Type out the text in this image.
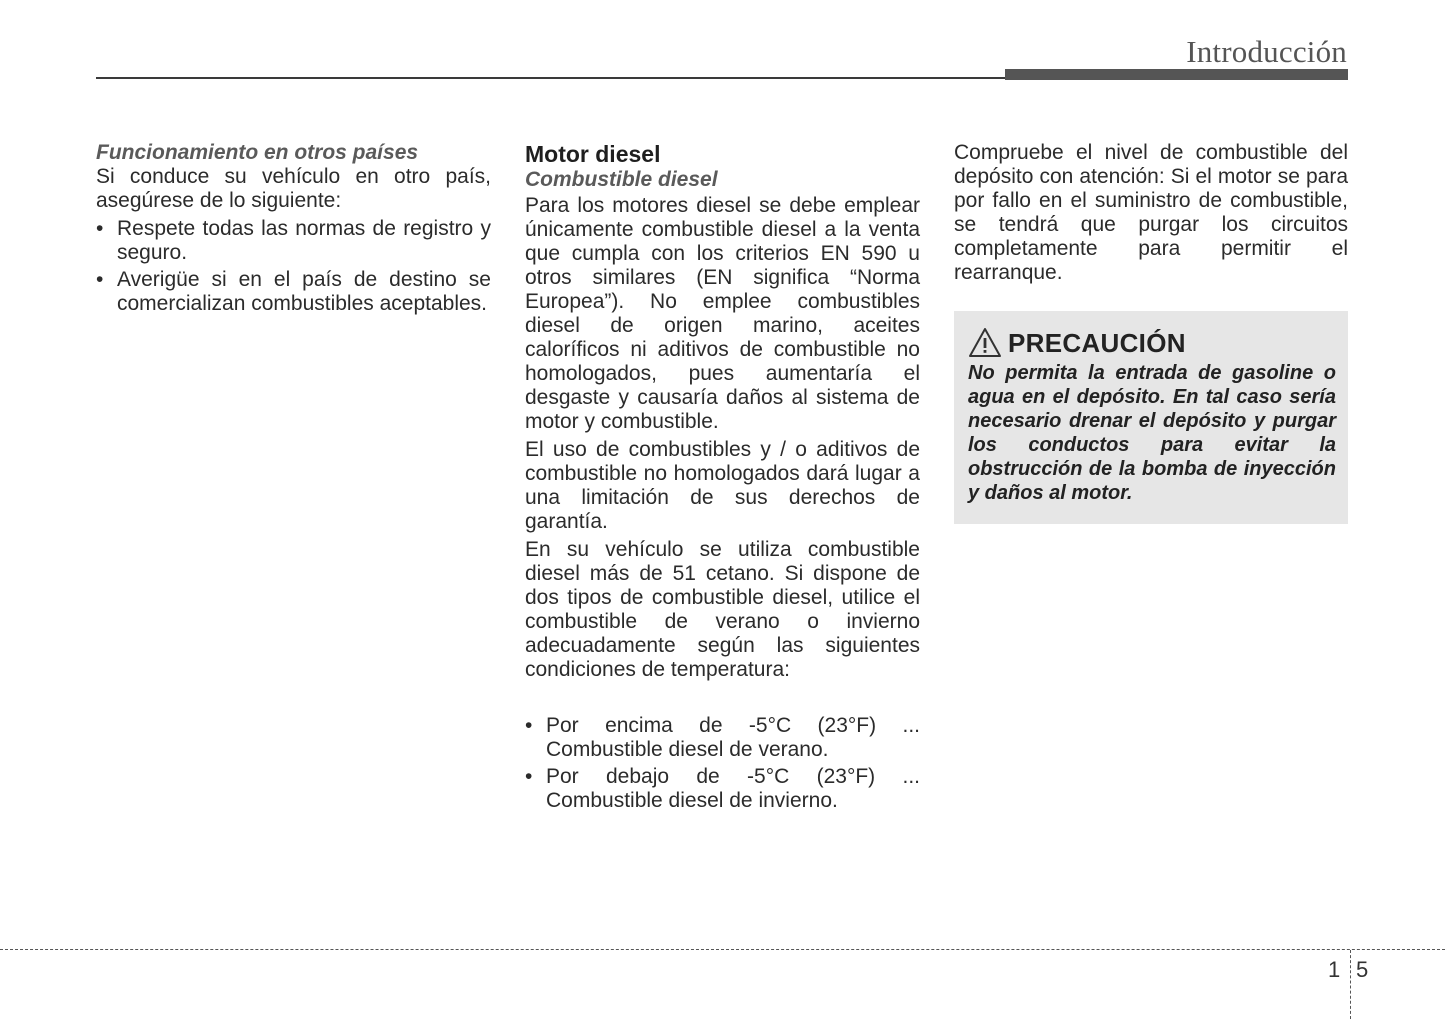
Introducción

Funcionamiento en otros países

Si conduce su vehículo en otro país, asegúrese de lo siguiente:

• Respete todas las normas de registro y seguro.
• Averigüe si en el país de destino se comercializan combustibles aceptables.

Motor diesel

Combustible diesel

Para los motores diesel se debe emplear únicamente combustible diesel a la venta que cumpla con los criterios EN 590 u otros similares (EN significa “Norma Europea”). No emplee combustibles diesel de origen marino, aceites caloríficos ni aditivos de combustible no homologados, pues aumentaría el desgaste y causaría daños al sistema de motor y combustible.

El uso de combustibles y / o aditivos de combustible no homologados dará lugar a una limitación de sus derechos de garantía.

En su vehículo se utiliza combustible diesel más de 51 cetano. Si dispone de dos tipos de combustible diesel, utilice el combustible de verano o invierno adecuadamente según las siguientes condiciones de temperatura:

• Por encima de -5°C (23°F) ... Combustible diesel de verano.
• Por debajo de -5°C (23°F) ... Combustible diesel de invierno.

Compruebe el nivel de combustible del depósito con atención: Si el motor se para por fallo en el suministro de combustible, se tendrá que purgar los circuitos completamente para permitir el rearranque.

PRECAUCIÓN

No permita la entrada de gasoline o agua en el depósito. En tal caso sería necesario drenar el depósito y purgar los conductos para evitar la obstrucción de la bomba de inyección y daños al motor.

1 5
